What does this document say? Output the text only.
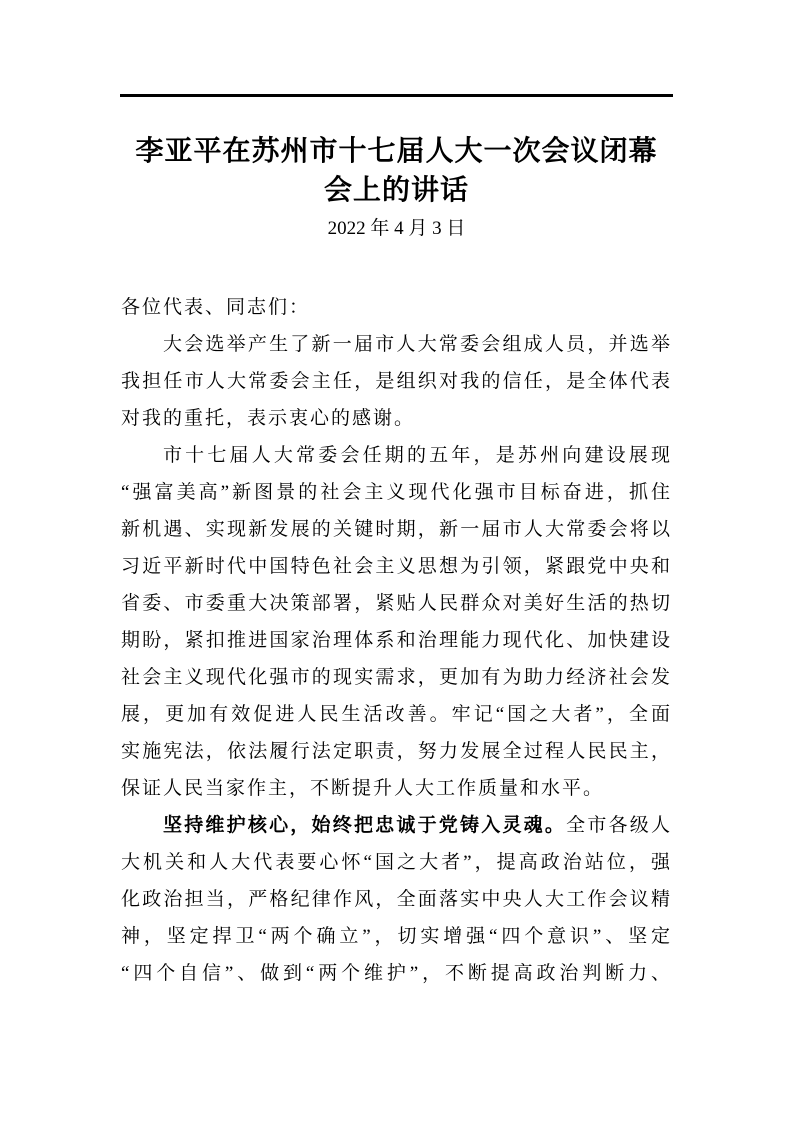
李亚平在苏州市十七届人大一次会议闭幕
会上的讲话
2022 年 4 月 3 日
各位代表、同志们：
大会选举产生了新一届市人大常委会组成人员，并选举
我担任市人大常委会主任，是组织对我的信任，是全体代表
对我的重托，表示衷心的感谢。
市十七届人大常委会任期的五年，是苏州向建设展现
“强富美高”新图景的社会主义现代化强市目标奋进，抓住
新机遇、实现新发展的关键时期，新一届市人大常委会将以
习近平新时代中国特色社会主义思想为引领，紧跟党中央和
省委、市委重大决策部署，紧贴人民群众对美好生活的热切
期盼，紧扣推进国家治理体系和治理能力现代化、加快建设
社会主义现代化强市的现实需求，更加有为助力经济社会发
展，更加有效促进人民生活改善。牢记“国之大者”，全面
实施宪法，依法履行法定职责，努力发展全过程人民民主，
保证人民当家作主，不断提升人大工作质量和水平。
坚持维护核心，始终把忠诚于党铸入灵魂。全市各级人
大机关和人大代表要心怀“国之大者”，提高政治站位，强
化政治担当，严格纪律作风，全面落实中央人大工作会议精
神，坚定捍卫“两个确立”，切实增强“四个意识”、坚定
“四个自信”、做到“两个维护”，不断提高政治判断力、
